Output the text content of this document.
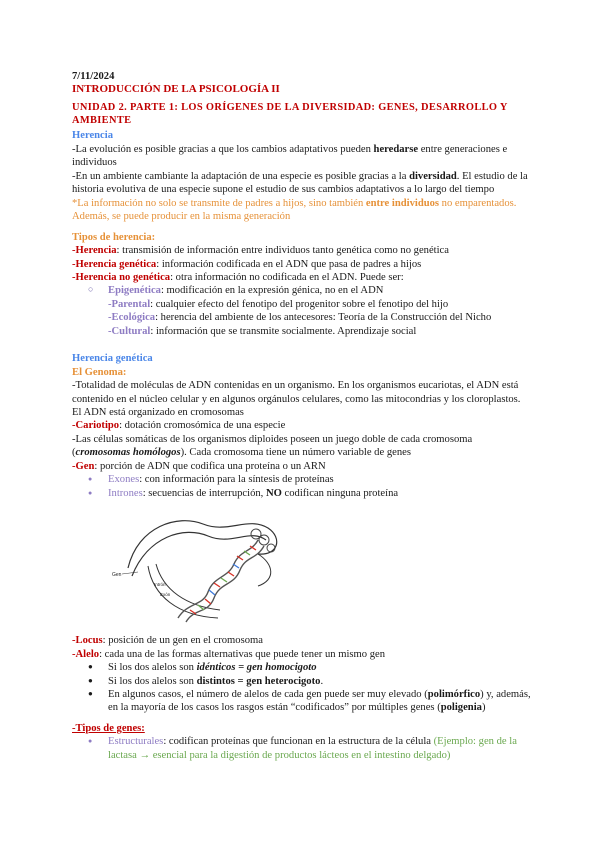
7/11/2024

INTRODUCCIÓN DE LA PSICOLOGÍA II

UNIDAD 2. PARTE 1: LOS ORÍGENES DE LA DIVERSIDAD: GENES, DESARROLLO Y AMBIENTE

Herencia

-La evolución es posible gracias a que los cambios adaptativos pueden heredarse entre generaciones e individuos

-En un ambiente cambiante la adaptación de una especie es posible gracias a la diversidad. El estudio de la historia evolutiva de una especie supone el estudio de sus cambios adaptativos a lo largo del tiempo

*La información no solo se transmite de padres a hijos, sino también entre individuos no emparentados. Además, se puede producir en la misma generación

Tipos de herencia:

-Herencia: transmisión de información entre individuos tanto genética como no genética

-Herencia genética: información codificada en el ADN que pasa de padres a hijos

-Herencia no genética: otra información no codificada en el ADN. Puede ser:

○ Epigenética: modificación en la expresión génica, no en el ADN

-Parental: cualquier efecto del fenotipo del progenitor sobre el fenotipo del hijo

-Ecológica: herencia del ambiente de los antecesores: Teoría de la Construcción del Nicho

-Cultural: información que se transmite socialmente. Aprendizaje social

Herencia genética

El Genoma:

-Totalidad de moléculas de ADN contenidas en un organismo. En los organismos eucariotas, el ADN está contenido en el núcleo celular y en algunos orgánulos celulares, como las mitocondrias y los cloroplastos. El ADN está organizado en cromosomas

-Cariotipo: dotación cromosómica de una especie

-Las células somáticas de los organismos diploides poseen un juego doble de cada cromosoma (cromosomas homólogos). Cada cromosoma tiene un número variable de genes

-Gen: porción de ADN que codifica una proteína o un ARN

● Exones: con información para la síntesis de proteínas
● Intrones: secuencias de interrupción, NO codifican ninguna proteína
Gen
Intrón
Exón

-Locus: posición de un gen en el cromosoma

-Alelo: cada una de las formas alternativas que puede tener un mismo gen

● Si los dos alelos son idénticos = gen homocigoto
● Si los dos alelos son distintos = gen heterocigoto.
● En algunos casos, el número de alelos de cada gen puede ser muy elevado (polimórfico) y, además, en la mayoría de los casos los rasgos están “codificados” por múltiples genes (poligenia)

-Tipos de genes:

● Estructurales: codifican proteínas que funcionan en la estructura de la célula (Ejemplo: gen de la lactasa → esencial para la digestión de productos lácteos en el intestino delgado)
